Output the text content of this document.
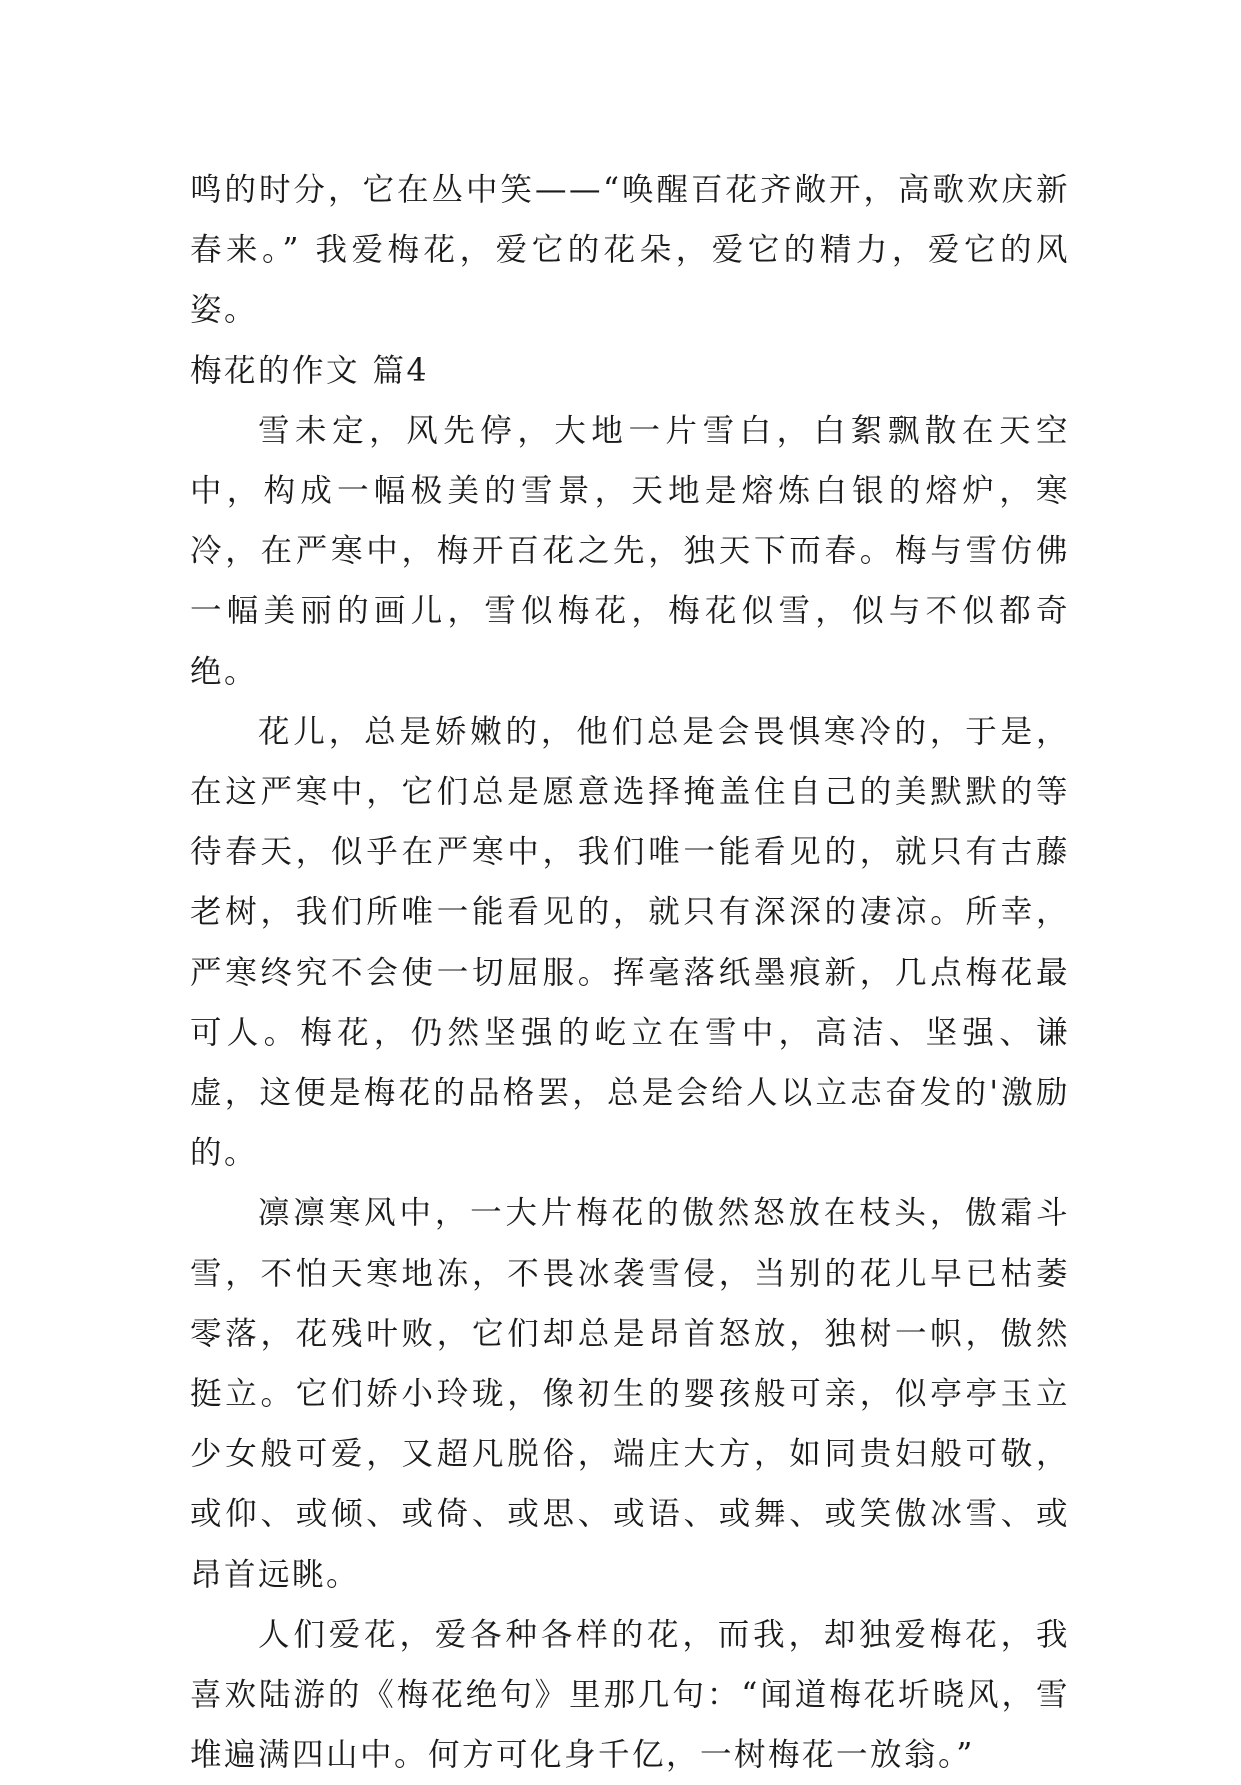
鸣的时分，它在丛中笑——“唤醒百花齐敞开，高歌欢庆新春来。” 我爱梅花，爱它的花朵，爱它的精力，爱它的风姿。

梅花的作文 篇4

雪未定，风先停，大地一片雪白，白絮飘散在天空中，构成一幅极美的雪景，天地是熔炼白银的熔炉，寒冷，在严寒中，梅开百花之先，独天下而春。梅与雪仿佛一幅美丽的画儿，雪似梅花，梅花似雪，似与不似都奇绝。

花儿，总是娇嫩的，他们总是会畏惧寒冷的，于是，在这严寒中，它们总是愿意选择掩盖住自己的美默默的等待春天，似乎在严寒中，我们唯一能看见的，就只有古藤老树，我们所唯一能看见的，就只有深深的凄凉。所幸，严寒终究不会使一切屈服。挥毫落纸墨痕新，几点梅花最可人。梅花，仍然坚强的屹立在雪中，高洁、坚强、谦虚，这便是梅花的品格罢，总是会给人以立志奋发的'激励的。

凛凛寒风中，一大片梅花的傲然怒放在枝头，傲霜斗雪，不怕天寒地冻，不畏冰袭雪侵，当别的花儿早已枯萎零落，花残叶败，它们却总是昂首怒放，独树一帜，傲然挺立。它们娇小玲珑，像初生的婴孩般可亲，似亭亭玉立少女般可爱，又超凡脱俗，端庄大方，如同贵妇般可敬，或仰、或倾、或倚、或思、或语、或舞、或笑傲冰雪、或昂首远眺。

人们爱花，爱各种各样的花，而我，却独爱梅花，我喜欢陆游的《梅花绝句》里那几句：“闻道梅花圻晓风，雪堆遍满四山中。何方可化身千亿，一树梅花一放翁。”
